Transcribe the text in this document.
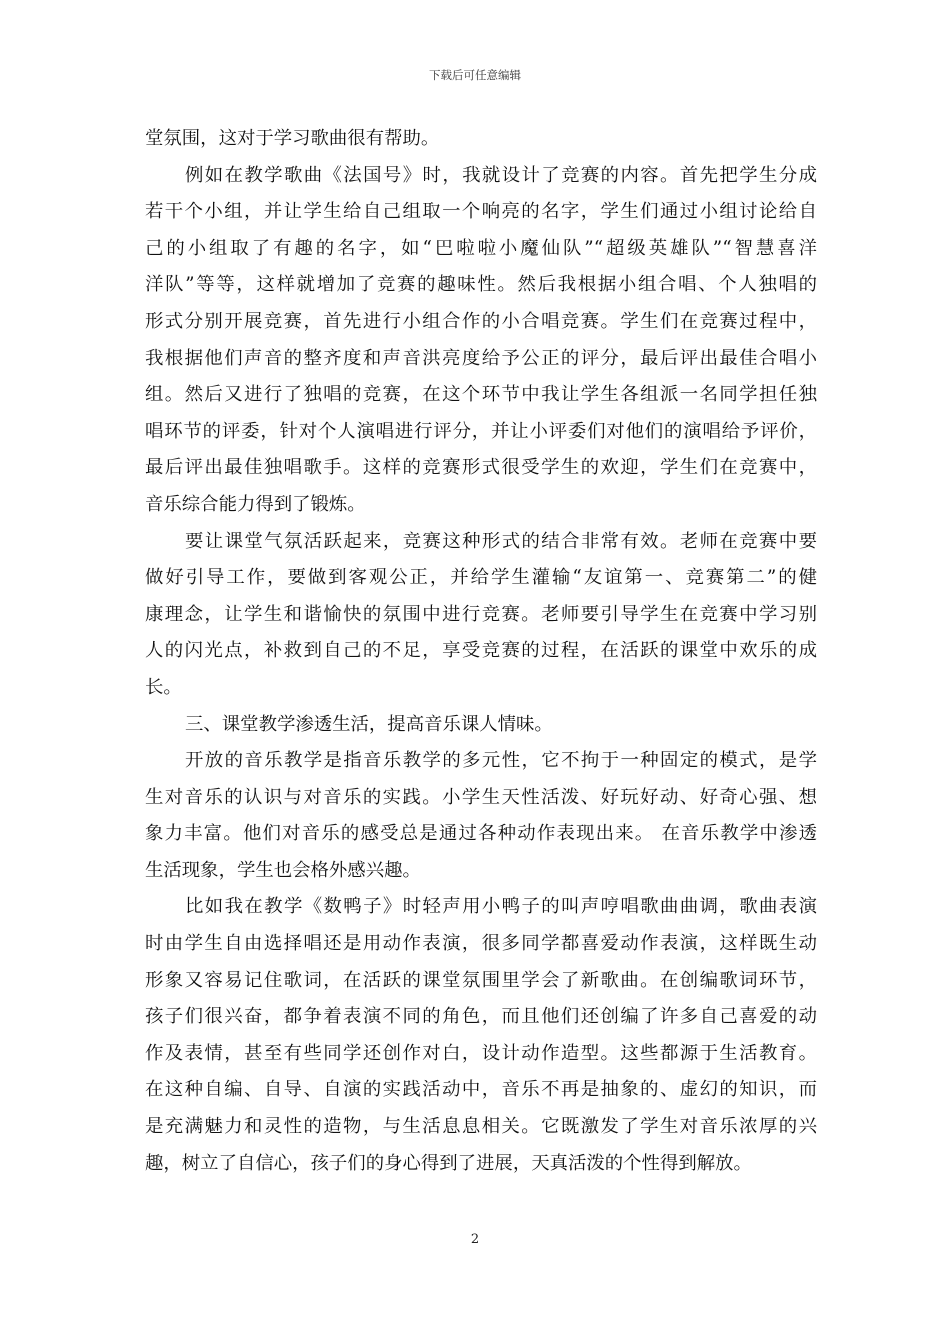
下载后可任意编辑
堂氛围，这对于学习歌曲很有帮助。
例如在教学歌曲《法国号》时，我就设计了竞赛的内容。首先把学生分成
若干个小组，并让学生给自己组取一个响亮的名字，学生们通过小组讨论给自
己的小组取了有趣的名字，如“巴啦啦小魔仙队”“超级英雄队”“智慧喜洋
洋队”等等，这样就增加了竞赛的趣味性。然后我根据小组合唱、个人独唱的
形式分别开展竞赛，首先进行小组合作的小合唱竞赛。学生们在竞赛过程中，
我根据他们声音的整齐度和声音洪亮度给予公正的评分，最后评出最佳合唱小
组。然后又进行了独唱的竞赛，在这个环节中我让学生各组派一名同学担任独
唱环节的评委，针对个人演唱进行评分，并让小评委们对他们的演唱给予评价，
最后评出最佳独唱歌手。这样的竞赛形式很受学生的欢迎，学生们在竞赛中，
音乐综合能力得到了锻炼。
要让课堂气氛活跃起来，竞赛这种形式的结合非常有效。老师在竞赛中要
做好引导工作，要做到客观公正，并给学生灌输“友谊第一、竞赛第二”的健
康理念，让学生和谐愉快的氛围中进行竞赛。老师要引导学生在竞赛中学习别
人的闪光点，补救到自己的不足，享受竞赛的过程，在活跃的课堂中欢乐的成
长。
三、课堂教学渗透生活，提高音乐课人情味。
开放的音乐教学是指音乐教学的多元性，它不拘于一种固定的模式，是学
生对音乐的认识与对音乐的实践。小学生天性活泼、好玩好动、好奇心强、想
象力丰富。他们对音乐的感受总是通过各种动作表现出来。 在音乐教学中渗透
生活现象，学生也会格外感兴趣。
比如我在教学《数鸭子》时轻声用小鸭子的叫声哼唱歌曲曲调，歌曲表演
时由学生自由选择唱还是用动作表演，很多同学都喜爱动作表演，这样既生动
形象又容易记住歌词，在活跃的课堂氛围里学会了新歌曲。在创编歌词环节，
孩子们很兴奋，都争着表演不同的角色，而且他们还创编了许多自己喜爱的动
作及表情，甚至有些同学还创作对白，设计动作造型。这些都源于生活教育。
在这种自编、自导、自演的实践活动中，音乐不再是抽象的、虚幻的知识，而
是充满魅力和灵性的造物，与生活息息相关。它既激发了学生对音乐浓厚的兴
趣，树立了自信心，孩子们的身心得到了进展，天真活泼的个性得到解放。
2
